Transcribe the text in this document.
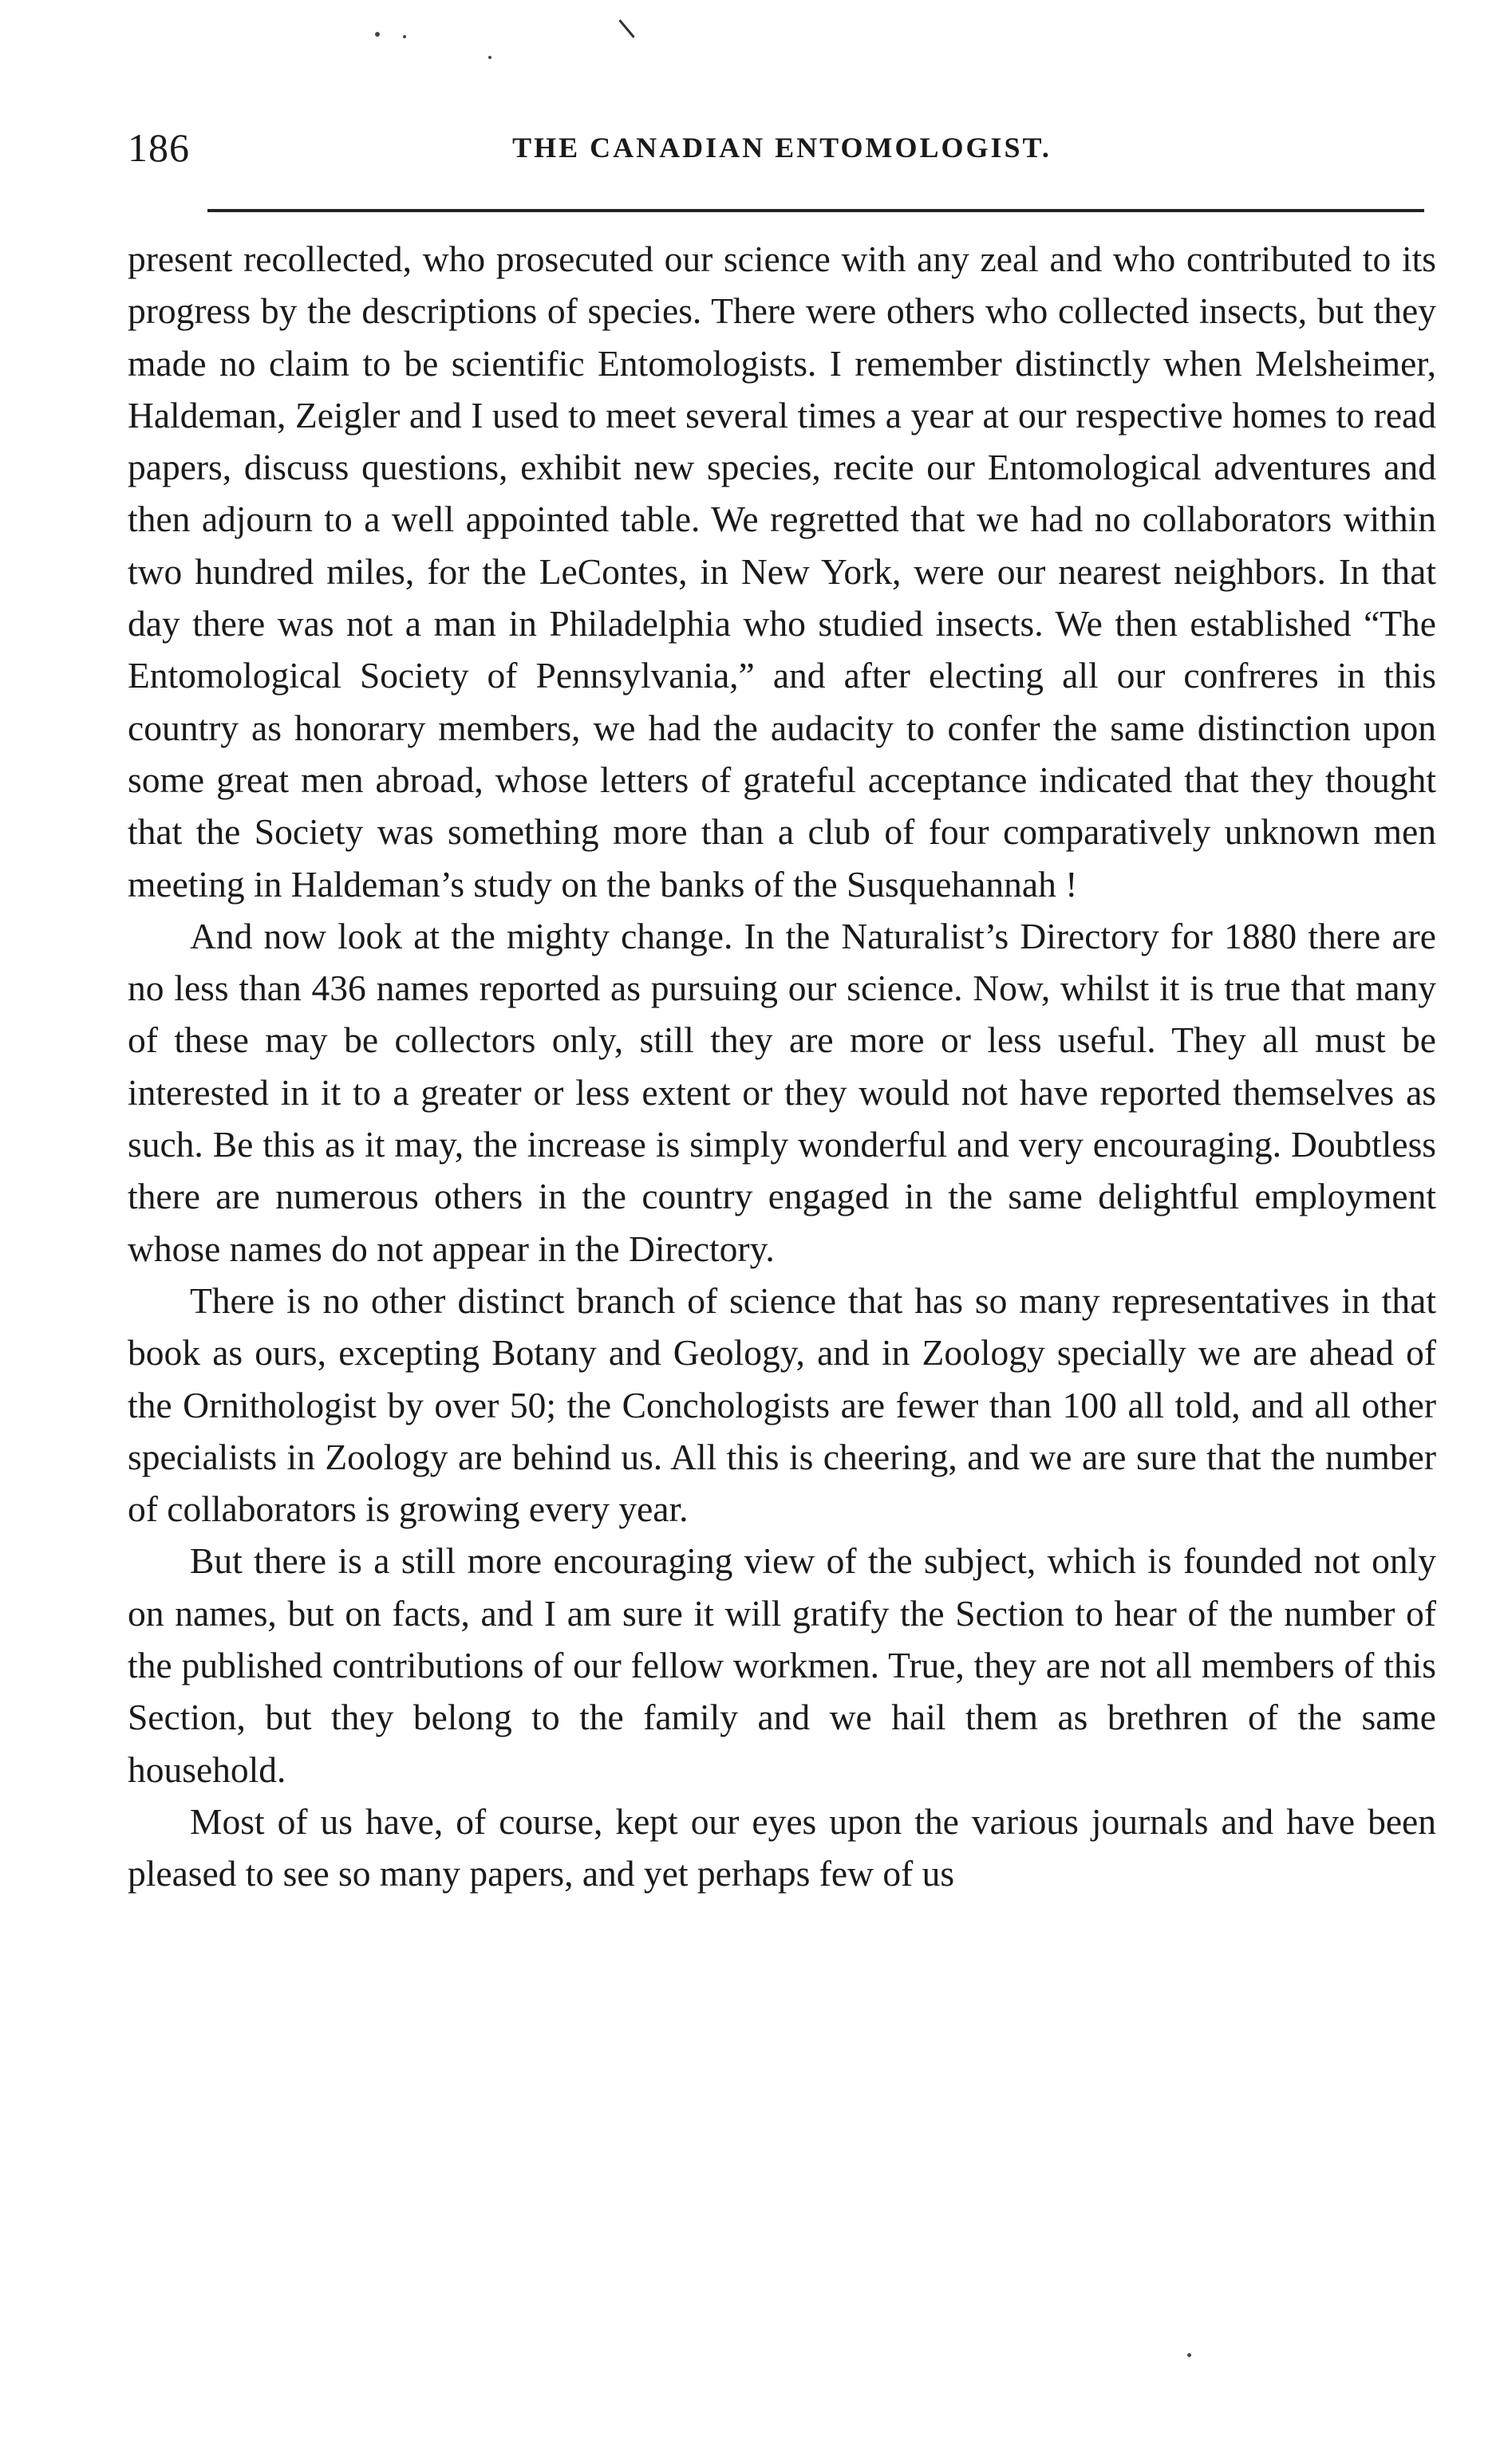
186	THE CANADIAN ENTOMOLOGIST.

present recollected, who prosecuted our science with any zeal and who contributed to its progress by the descriptions of species. There were others who collected insects, but they made no claim to be scientific Entomologists. I remember distinctly when Melsheimer, Haldeman, Zeigler and I used to meet several times a year at our respective homes to read papers, discuss questions, exhibit new species, recite our Entomological adventures and then adjourn to a well appointed table. We regretted that we had no collaborators within two hundred miles, for the LeContes, in New York, were our nearest neighbors. In that day there was not a man in Philadelphia who studied insects. We then established “The Entomological Society of Pennsylvania,” and after electing all our confreres in this country as honorary members, we had the audacity to confer the same distinction upon some great men abroad, whose letters of grateful acceptance indicated that they thought that the Society was something more than a club of four comparatively unknown men meeting in Haldeman’s study on the banks of the Susquehannah !

And now look at the mighty change. In the Naturalist’s Directory for 1880 there are no less than 436 names reported as pursuing our science. Now, whilst it is true that many of these may be collectors only, still they are more or less useful. They all must be interested in it to a greater or less extent or they would not have reported themselves as such. Be this as it may, the increase is simply wonderful and very encouraging. Doubtless there are numerous others in the country engaged in the same delightful employment whose names do not appear in the Directory.

There is no other distinct branch of science that has so many representatives in that book as ours, excepting Botany and Geology, and in Zoology specially we are ahead of the Ornithologist by over 50; the Conchologists are fewer than 100 all told, and all other specialists in Zoology are behind us. All this is cheering, and we are sure that the number of collaborators is growing every year.

But there is a still more encouraging view of the subject, which is founded not only on names, but on facts, and I am sure it will gratify the Section to hear of the number of the published contributions of our fellow workmen. True, they are not all members of this Section, but they belong to the family and we hail them as brethren of the same household.

Most of us have, of course, kept our eyes upon the various journals and have been pleased to see so many papers, and yet perhaps few of us
